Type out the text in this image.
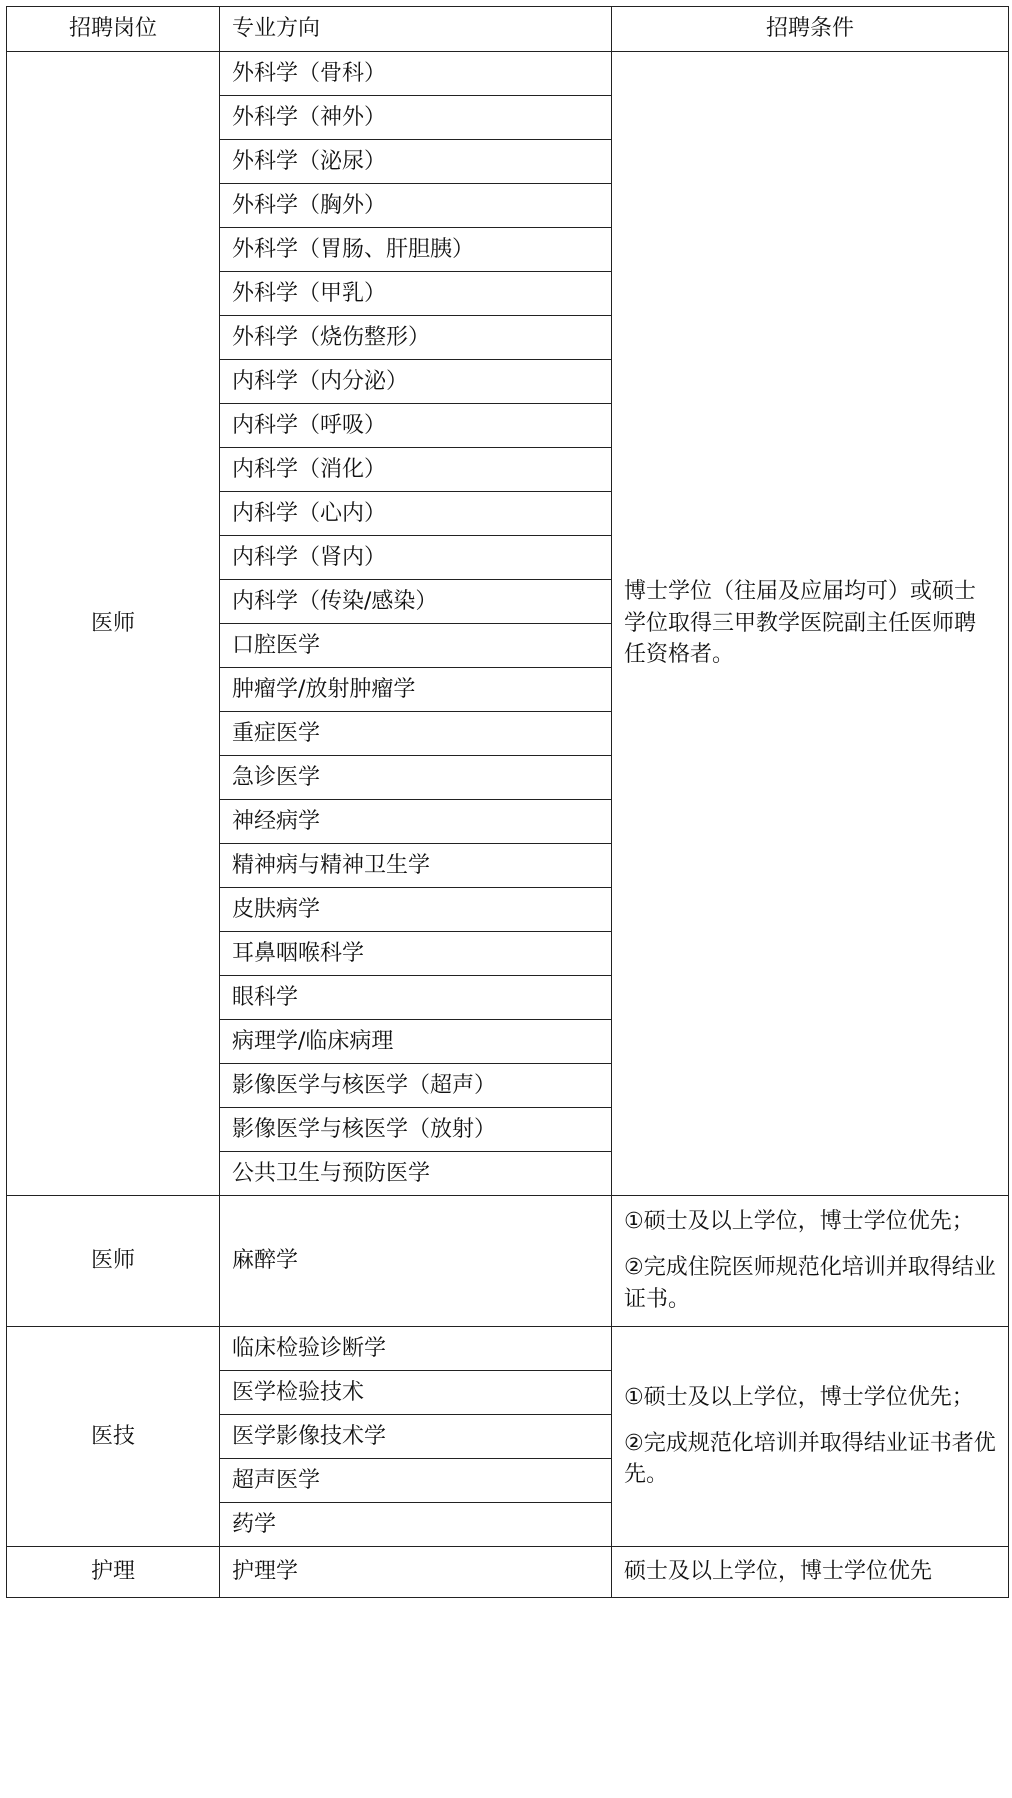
招聘岗位	专业方向	招聘条件
医师	外科学（骨科）	博士学位（往届及应届均可）或硕士学位取得三甲教学医院副主任医师聘任资格者。

	外科学（神外）	
	外科学（泌尿）	
	外科学（胸外）	
	外科学（胃肠、肝胆胰）	
	外科学（甲乳）	
	外科学（烧伤整形）	
	内科学（内分泌）	
	内科学（呼吸）	
	内科学（消化）	
	内科学（心内）	
	内科学（肾内）	
	内科学（传染/感染）	
	口腔医学	
	肿瘤学/放射肿瘤学	
	重症医学	
	急诊医学	
	神经病学	
	精神病与精神卫生学	
	皮肤病学	
	耳鼻咽喉科学	
	眼科学	
	病理学/临床病理	
	影像医学与核医学（超声）	
	影像医学与核医学（放射）	
	公共卫生与预防医学	
医师	麻醉学	①硕士及以上学位，博士学位优先；

②完成住院医师规范化培训并取得结业证书。

医技	临床检验诊断学	①硕士及以上学位，博士学位优先；

②完成规范化培训并取得结业证书者优先。

	医学检验技术	
	医学影像技术学	
	超声医学	
	药学	
护理	护理学	硕士及以上学位，博士学位优先
